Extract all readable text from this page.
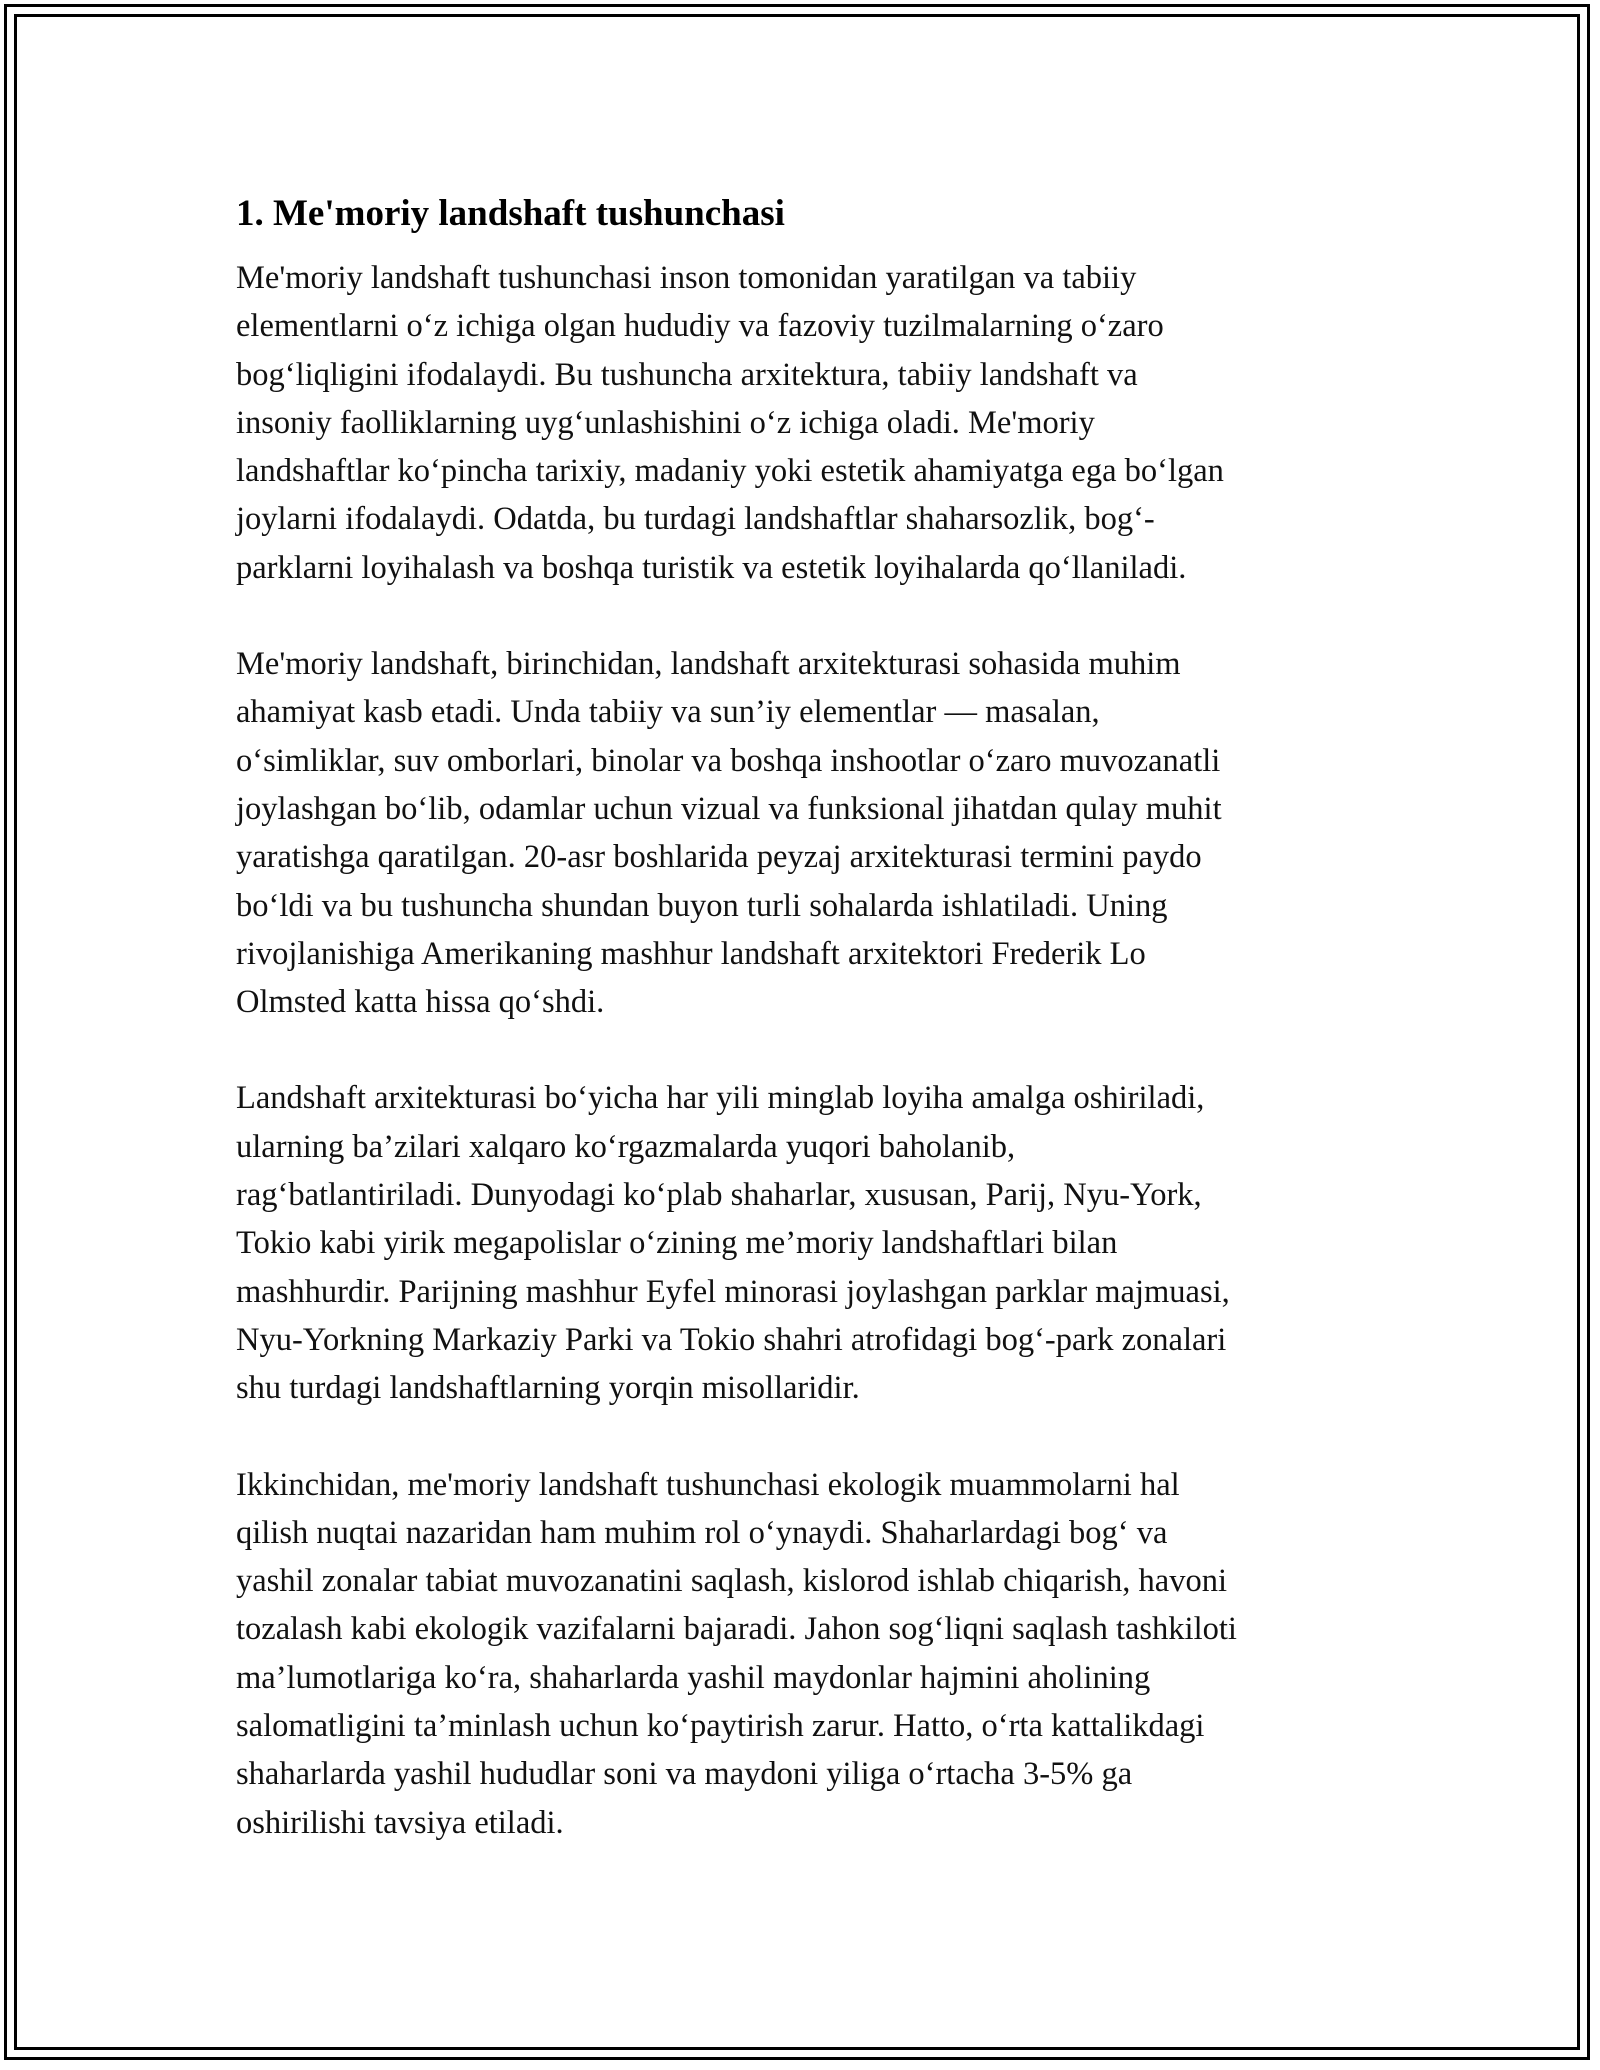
1. Me'moriy landshaft tushunchasi

Me'moriy landshaft tushunchasi inson tomonidan yaratilgan va tabiiy
elementlarni o‘z ichiga olgan hududiy va fazoviy tuzilmalarning o‘zaro
bog‘liqligini ifodalaydi. Bu tushuncha arxitektura, tabiiy landshaft va
insoniy faolliklarning uyg‘unlashishini o‘z ichiga oladi. Me'moriy
landshaftlar ko‘pincha tarixiy, madaniy yoki estetik ahamiyatga ega bo‘lgan
joylarni ifodalaydi. Odatda, bu turdagi landshaftlar shaharsozlik, bog‘-
parklarni loyihalash va boshqa turistik va estetik loyihalarda qo‘llaniladi.

Me'moriy landshaft, birinchidan, landshaft arxitekturasi sohasida muhim
ahamiyat kasb etadi. Unda tabiiy va sun’iy elementlar — masalan,
o‘simliklar, suv omborlari, binolar va boshqa inshootlar o‘zaro muvozanatli
joylashgan bo‘lib, odamlar uchun vizual va funksional jihatdan qulay muhit
yaratishga qaratilgan. 20-asr boshlarida peyzaj arxitekturasi termini paydo
bo‘ldi va bu tushuncha shundan buyon turli sohalarda ishlatiladi. Uning
rivojlanishiga Amerikaning mashhur landshaft arxitektori Frederik Lo
Olmsted katta hissa qo‘shdi.

Landshaft arxitekturasi bo‘yicha har yili minglab loyiha amalga oshiriladi,
ularning ba’zilari xalqaro ko‘rgazmalarda yuqori baholanib,
rag‘batlantiriladi. Dunyodagi ko‘plab shaharlar, xususan, Parij, Nyu-York,
Tokio kabi yirik megapolislar o‘zining me’moriy landshaftlari bilan
mashhurdir. Parijning mashhur Eyfel minorasi joylashgan parklar majmuasi,
Nyu-Yorkning Markaziy Parki va Tokio shahri atrofidagi bog‘-park zonalari
shu turdagi landshaftlarning yorqin misollaridir.

Ikkinchidan, me'moriy landshaft tushunchasi ekologik muammolarni hal
qilish nuqtai nazaridan ham muhim rol o‘ynaydi. Shaharlardagi bog‘ va
yashil zonalar tabiat muvozanatini saqlash, kislorod ishlab chiqarish, havoni
tozalash kabi ekologik vazifalarni bajaradi. Jahon sog‘liqni saqlash tashkiloti
ma’lumotlariga ko‘ra, shaharlarda yashil maydonlar hajmini aholining
salomatligini ta’minlash uchun ko‘paytirish zarur. Hatto, o‘rta kattalikdagi
shaharlarda yashil hududlar soni va maydoni yiliga o‘rtacha 3-5% ga
oshirilishi tavsiya etiladi.
